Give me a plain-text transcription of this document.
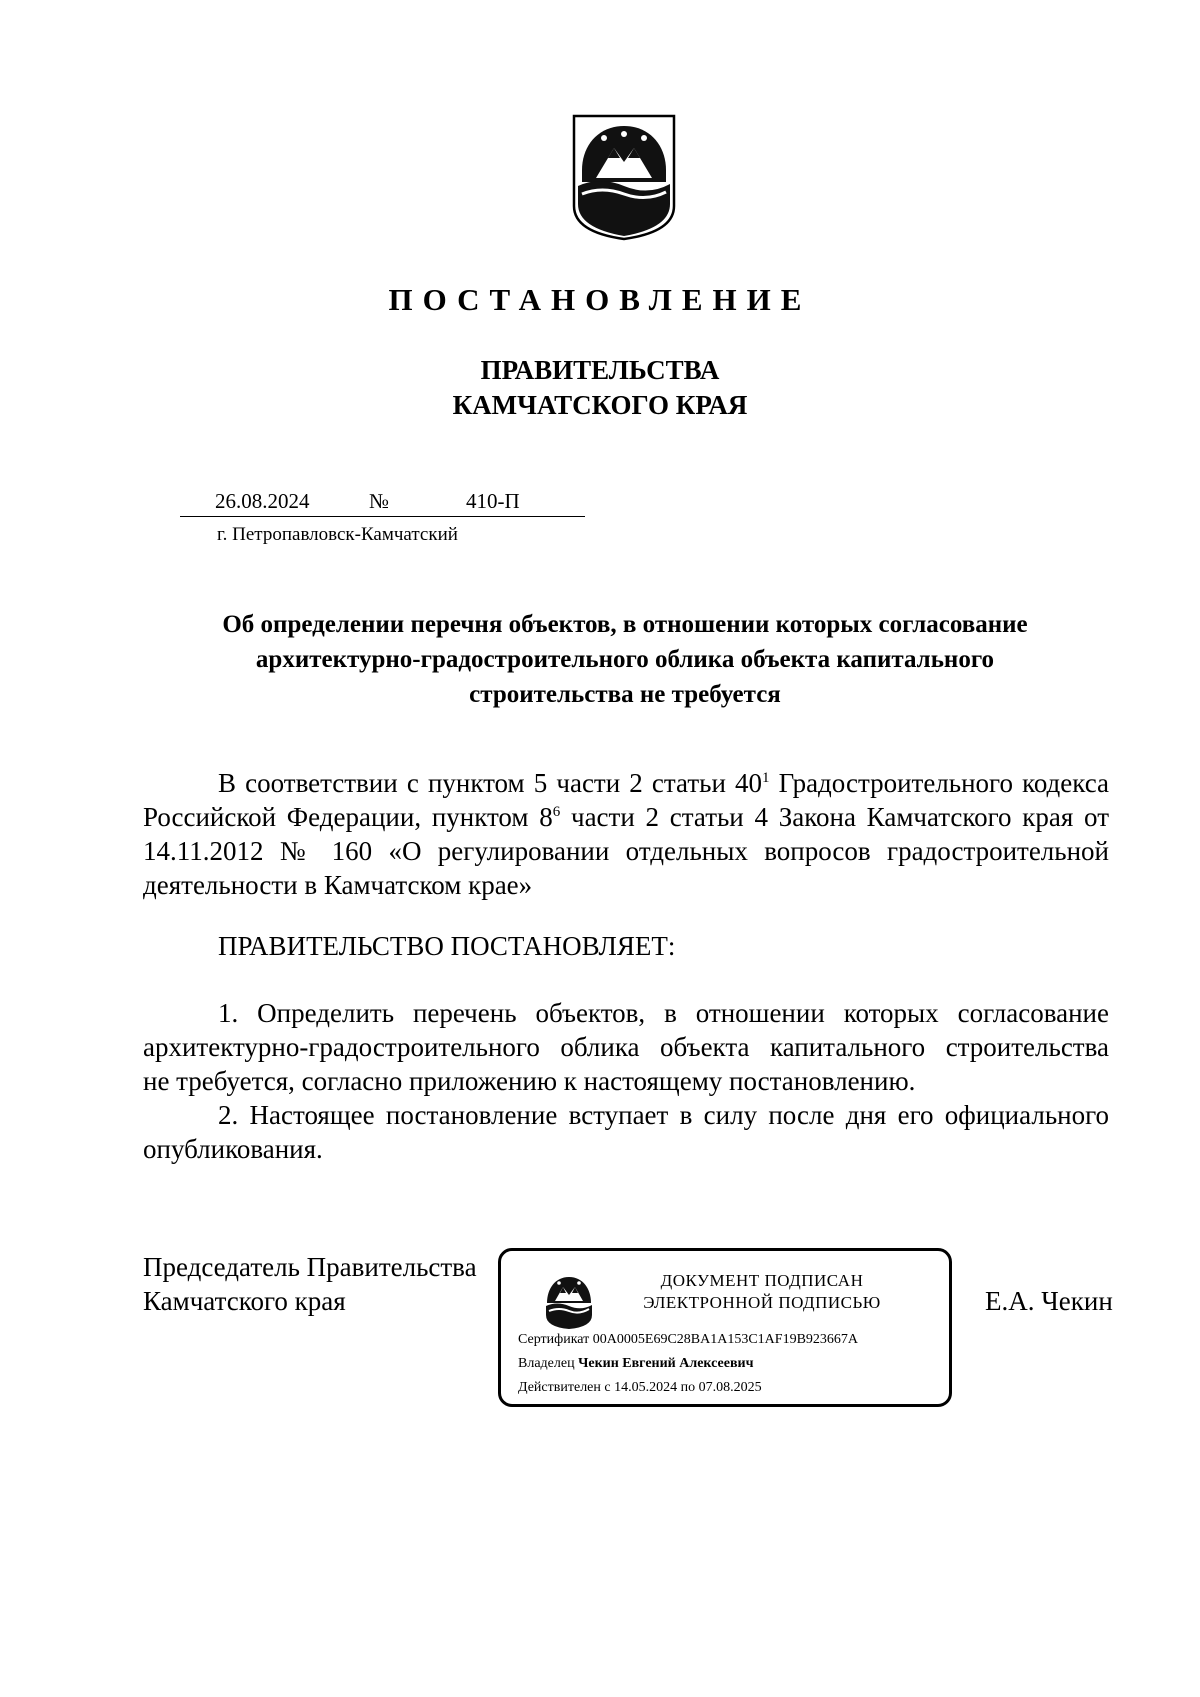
ПОСТАНОВЛЕНИЕ
ПРАВИТЕЛЬСТВА
КАМЧАТСКОГО КРАЯ
26.08.2024	№	410-П
г. Петропавловск-Камчатский
Об определении перечня объектов, в отношении которых согласование
архитектурно-градостроительного облика объекта капитального
строительства не требуется
В соответствии с пунктом 5 части 2 статьи $40^1$ Градостроительного кодекса
Российской Федерации, пунктом $8^6$ части 2 статьи 4 Закона Камчатского края от
14.11.2012 № 160 «О регулировании отдельных вопросов градостроительной
деятельности в Камчатском крае»
ПРАВИТЕЛЬСТВО ПОСТАНОВЛЯЕТ:
1. Определить перечень объектов, в отношении которых согласование
архитектурно-градостроительного облика объекта капитального строительства
не требуется, согласно приложению к настоящему постановлению.
2. Настоящее постановление вступает в силу после дня его официального
опубликования.
Председатель Правительства
Камчатского края	Е.А. Чекин
ДОКУМЕНТ ПОДПИСАН
ЭЛЕКТРОННОЙ ПОДПИСЬЮ
Сертификат 00A0005E69C28BA1A153C1AF19B923667A
Владелец Чекин Евгений Алексеевич
Действителен с 14.05.2024 по 07.08.2025
